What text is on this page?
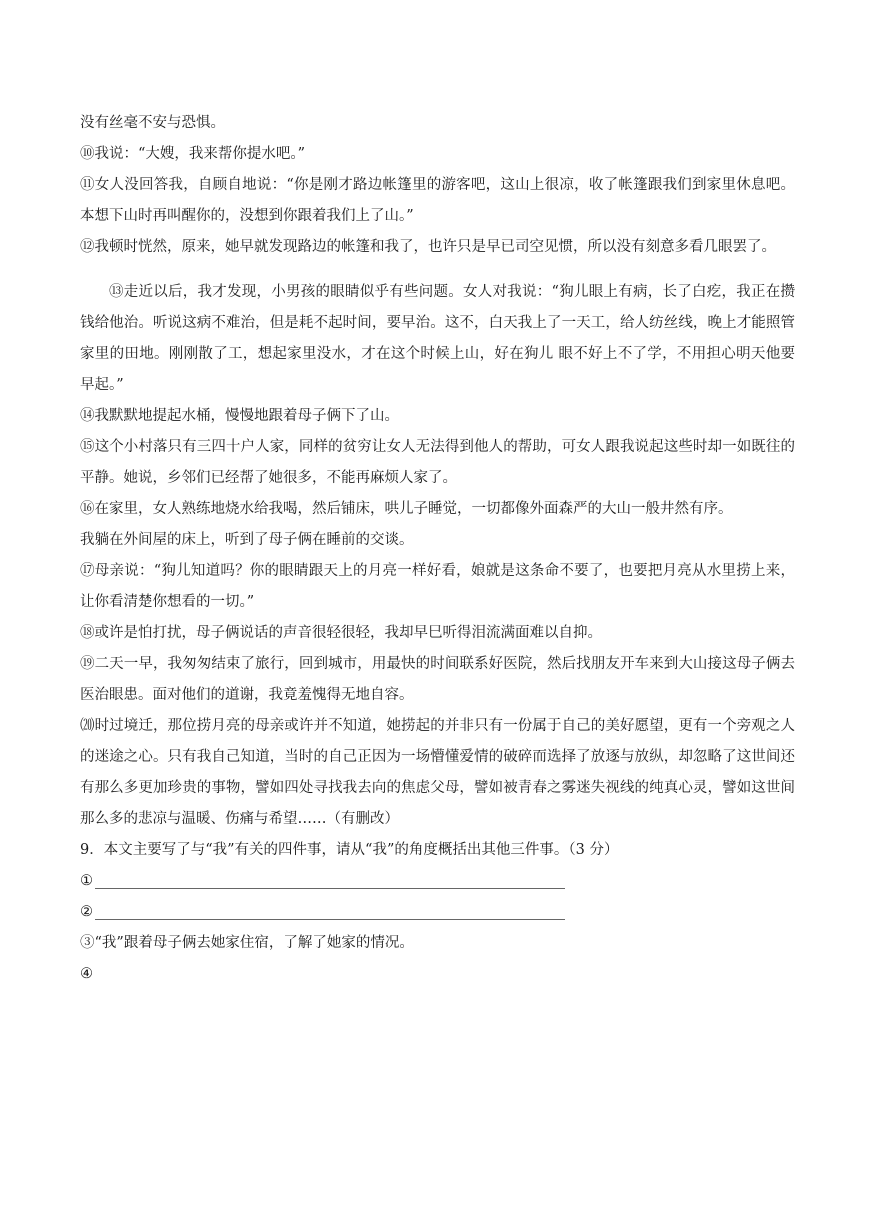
没有丝毫不安与恐惧。

⑩我说：“大嫂，我来帮你提水吧。”

⑪女人没回答我，自顾自地说：“你是刚才路边帐篷里的游客吧，这山上很凉，收了帐篷跟我们到家里休息吧。本想下山时再叫醒你的，没想到你跟着我们上了山。”

⑫我顿时恍然，原来，她早就发现路边的帐篷和我了，也许只是早已司空见惯，所以没有刻意多看几眼罢了。

⑬走近以后，我才发现，小男孩的眼睛似乎有些问题。女人对我说：“狗儿眼上有病，长了白疙，我正在攒钱给他治。听说这病不难治，但是耗不起时间，要早治。这不，白天我上了一天工，给人纺丝线，晚上才能照管家里的田地。刚刚散了工，想起家里没水，才在这个时候上山，好在狗儿 眼不好上不了学，不用担心明天他要早起。”

⑭我默默地提起水桶，慢慢地跟着母子俩下了山。

⑮这个小村落只有三四十户人家，同样的贫穷让女人无法得到他人的帮助，可女人跟我说起这些时却一如既往的平静。她说，乡邻们已经帮了她很多，不能再麻烦人家了。

⑯在家里，女人熟练地烧水给我喝，然后铺床，哄儿子睡觉，一切都像外面森严的大山一般井然有序。

我躺在外间屋的床上，听到了母子俩在睡前的交谈。

⑰母亲说：“狗儿知道吗？你的眼睛跟天上的月亮一样好看，娘就是这条命不要了，也要把月亮从水里捞上来，让你看清楚你想看的一切。”

⑱或许是怕打扰，母子俩说话的声音很轻很轻，我却早巳听得泪流满面难以自抑。

⑲二天一早，我匆匆结束了旅行，回到城市，用最快的时间联系好医院，然后找朋友开车来到大山接这母子俩去医治眼患。面对他们的道谢，我竟羞愧得无地自容。

⒇时过境迁，那位捞月亮的母亲或许并不知道，她捞起的并非只有一份属于自己的美好愿望，更有一个旁观之人的迷途之心。只有我自己知道，当时的自己正因为一场懵懂爱情的破碎而选择了放逐与放纵，却忽略了这世间还有那么多更加珍贵的事物，譬如四处寻找我去向的焦虑父母，譬如被青春之雾迷失视线的纯真心灵，譬如这世间那么多的悲凉与温暖、伤痛与希望……（有删改）

9．本文主要写了与“我”有关的四件事，请从“我”的角度概括出其他三件事。（3 分）

①
②

③“我”跟着母子俩去她家住宿，了解了她家的情况。

④
